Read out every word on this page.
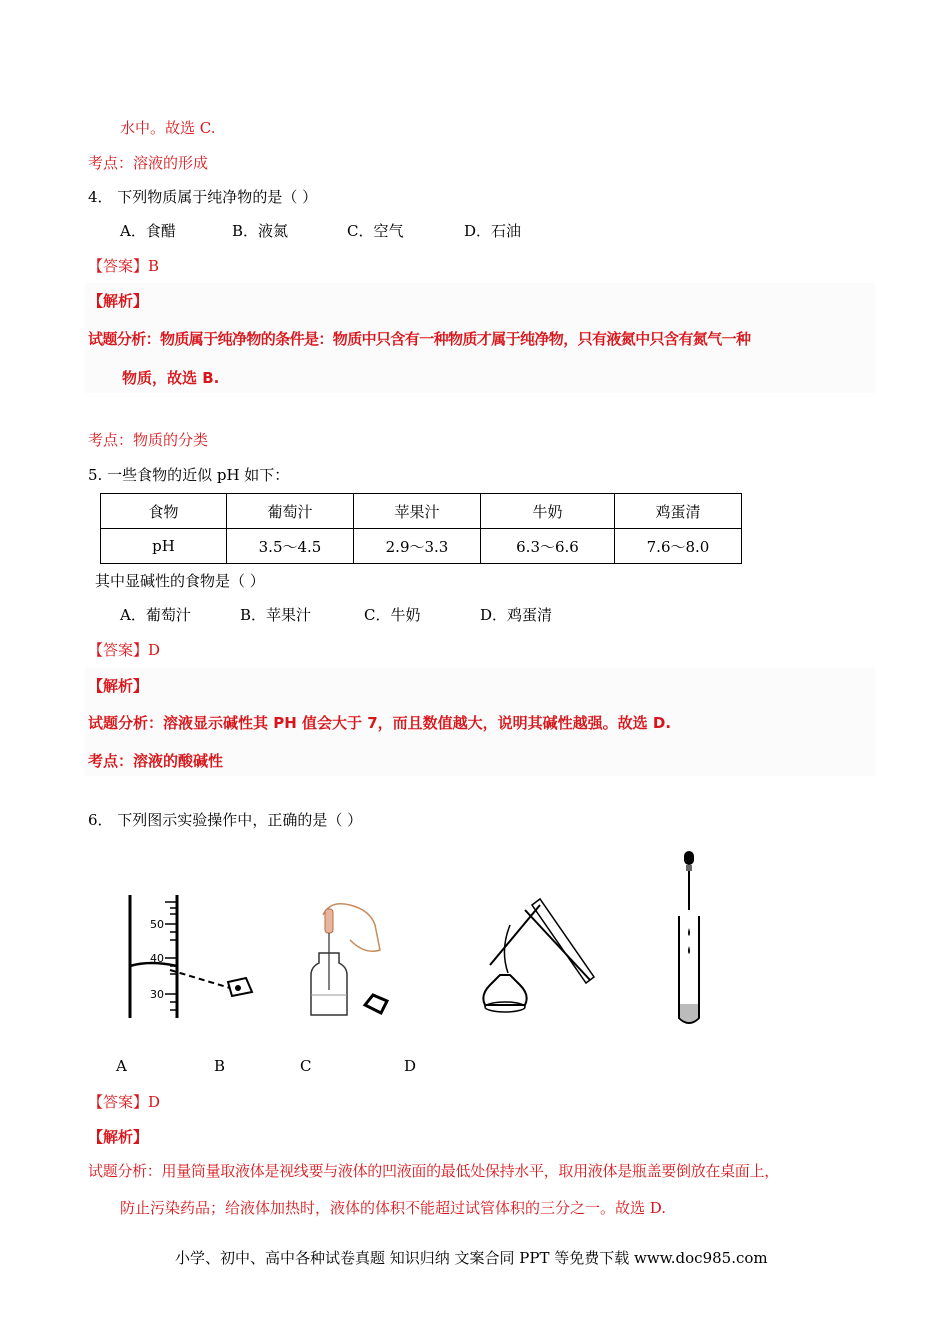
水中。故选 C.
考点：溶液的形成
4． 下列物质属于纯净物的是（ ）
A．食醋	B．液氮	C．空气	D．石油
【答案】B
【解析】
试题分析：物质属于纯净物的条件是：物质中只含有一种物质才属于纯净物，只有液氮中只含有氮气一种
物质，故选 B.
考点：物质的分类
5. 一些食物的近似 pH 如下：
食物	葡萄汁	苹果汁	牛奶	鸡蛋清
pH	3.5～4.5	2.9～3.3	6.3～6.6	7.6～8.0
其中显碱性的食物是（ ）
A．葡萄汁	B．苹果汁	C．牛奶	D．鸡蛋清
【答案】D
【解析】
试题分析：溶液显示碱性其 PH 值会大于 7，而且数值越大，说明其碱性越强。故选 D.
考点：溶液的酸碱性
6． 下列图示实验操作中，正确的是（ ）
50
40
30
A	B	C	D
【答案】D
【解析】
试题分析：用量筒量取液体是视线要与液体的凹液面的最低处保持水平，取用液体是瓶盖要倒放在桌面上，
防止污染药品；给液体加热时，液体的体积不能超过试管体积的三分之一。故选 D.
小学、初中、高中各种试卷真题 知识归纳 文案合同 PPT 等免费下载 www.doc985.com
